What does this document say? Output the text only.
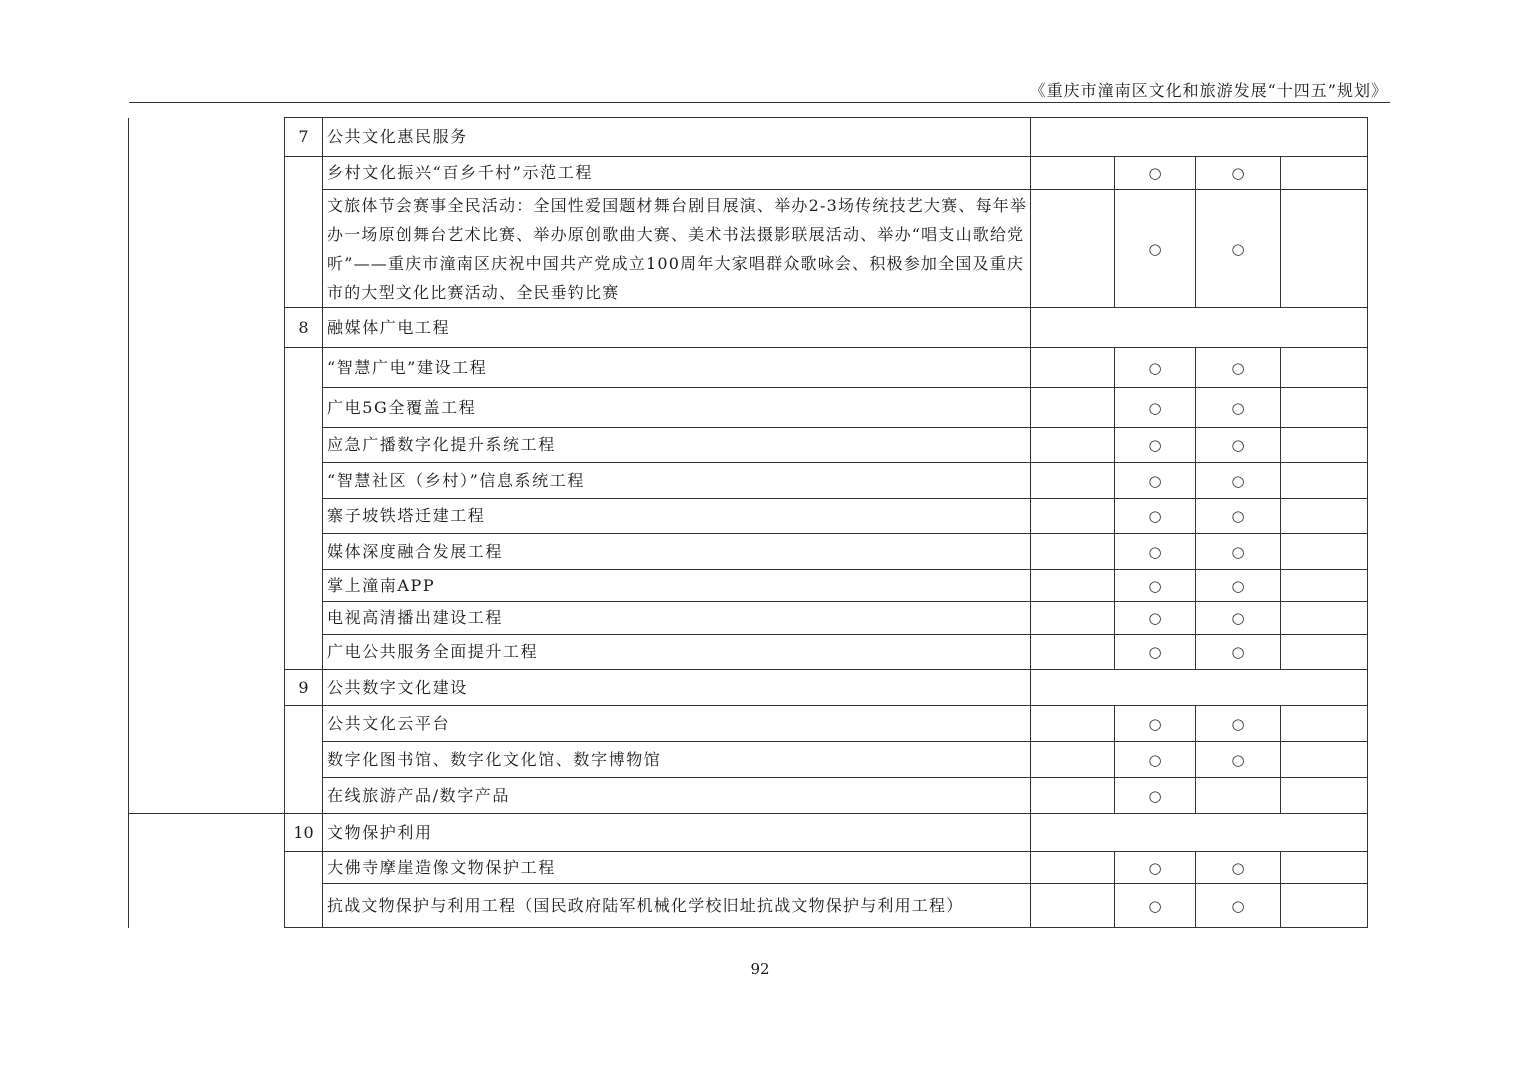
《重庆市潼南区文化和旅游发展“十四五”规划》
7	公共文化惠民服务				
	乡村文化振兴“百乡千村”示范工程		○	○	
	文旅体节会赛事全民活动：全国性爱国题材舞台剧目展演、举办2-3场传统技艺大赛、每年举办一场原创舞台艺术比赛、举办原创歌曲大赛、美术书法摄影联展活动、举办“唱支山歌给党听”——重庆市潼南区庆祝中国共产党成立100周年大家唱群众歌咏会、积极参加全国及重庆市的大型文化比赛活动、全民垂钓比赛		○	○	
8	融媒体广电工程				
	“智慧广电”建设工程		○	○	
	广电5G全覆盖工程		○	○	
	应急广播数字化提升系统工程		○	○	
	“智慧社区（乡村）”信息系统工程		○	○	
	寨子坡铁塔迁建工程		○	○	
	媒体深度融合发展工程		○	○	
	掌上潼南APP		○	○	
	电视高清播出建设工程		○	○	
	广电公共服务全面提升工程		○	○	
9	公共数字文化建设				
	公共文化云平台		○	○	
	数字化图书馆、数字化文化馆、数字博物馆		○	○	
	在线旅游产品/数字产品		○		
10	文物保护利用				
	大佛寺摩崖造像文物保护工程		○	○	
	抗战文物保护与利用工程（国民政府陆军机械化学校旧址抗战文物保护与利用工程）		○	○	
92
